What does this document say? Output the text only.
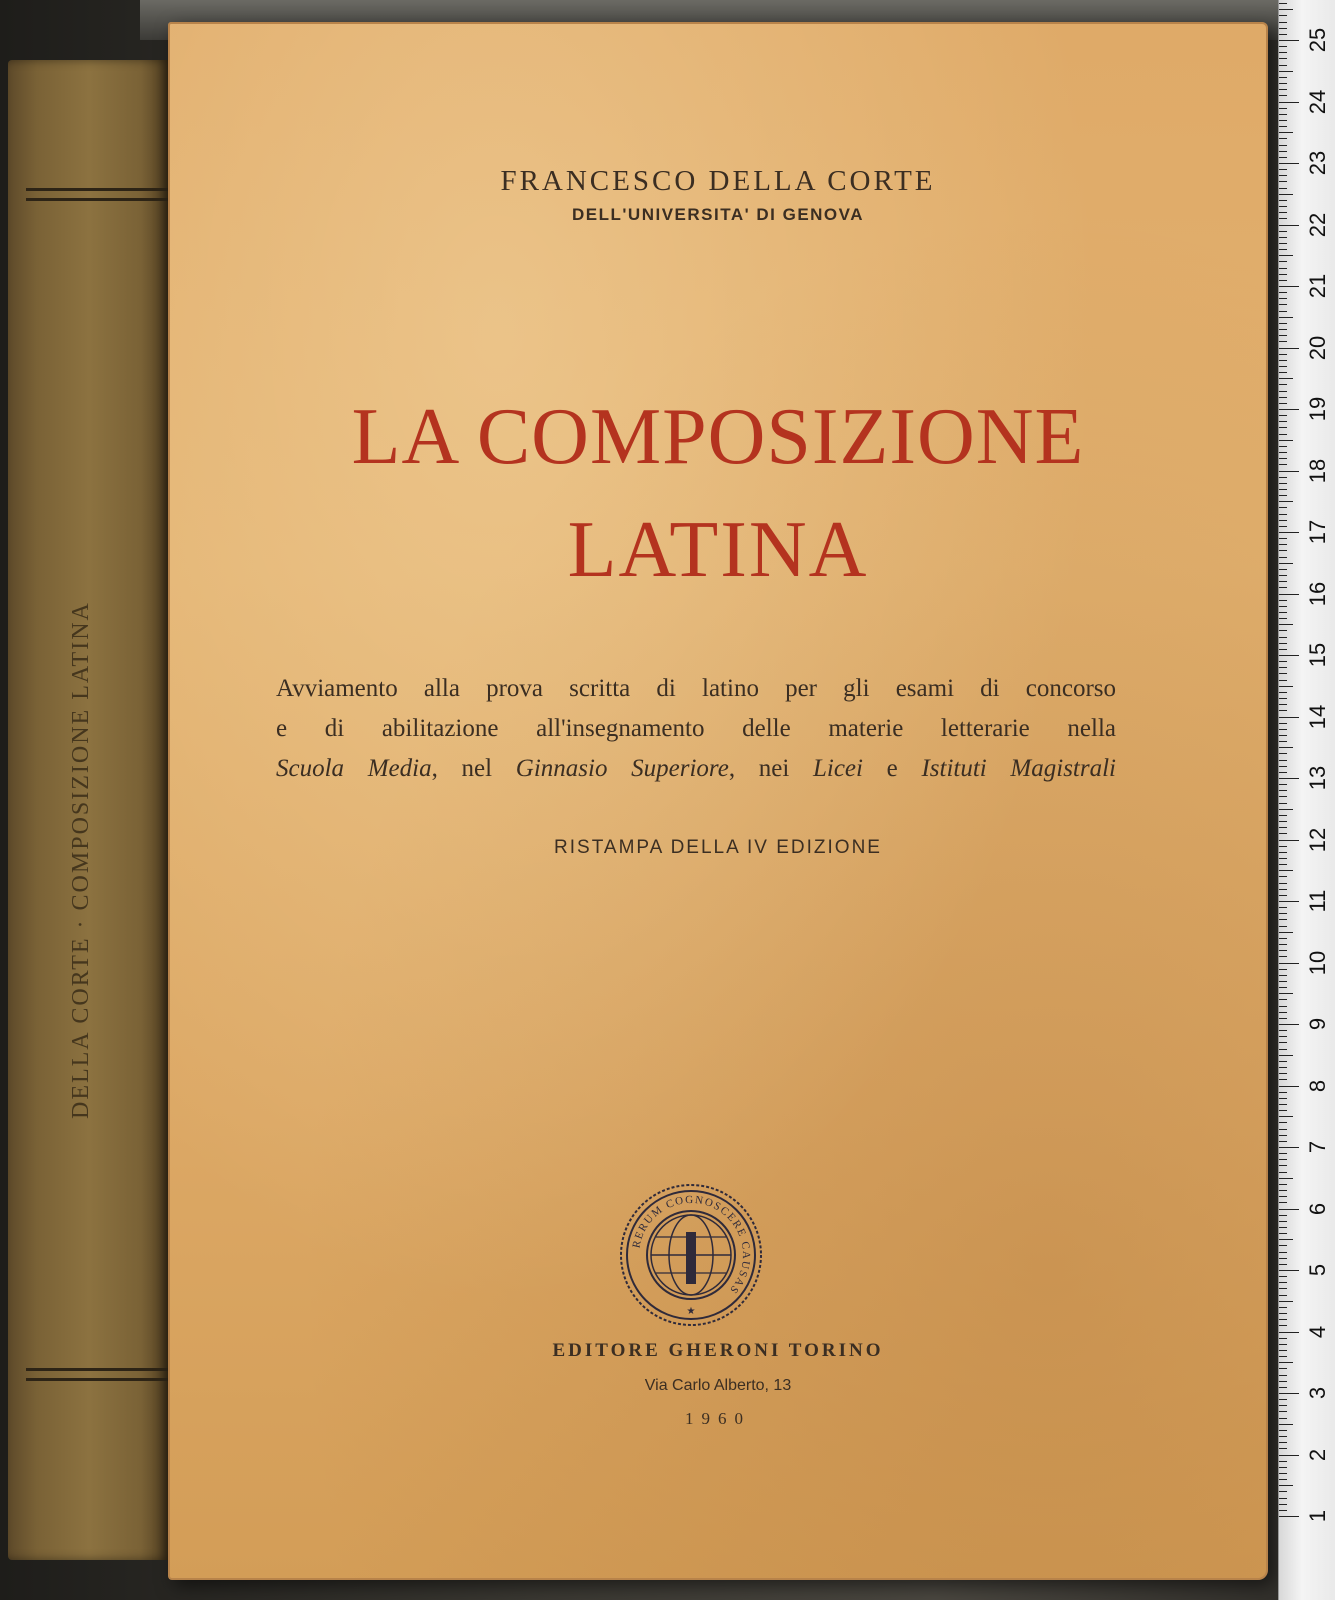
DELLA CORTE · COMPOSIZIONE LATINA
FRANCESCO DELLA CORTE
DELL'UNIVERSITA' DI GENOVA
LA COMPOSIZIONE
LATINA
Avviamento alla prova scritta di latino per gli esami di concorso
e di abilitazione all'insegnamento delle materie letterarie nella
Scuola Media, nel Ginnasio Superiore, nei Licei e Istituti Magistrali
RISTAMPA DELLA IV EDIZIONE
RERUM COGNOSCERE CAUSAS
★
EDITORE GHERONI TORINO
Via Carlo Alberto, 13
1960
25
24
23
22
21
20
19
18
17
16
15
14
13
12
11
10
9
8
7
6
5
4
3
2
1
